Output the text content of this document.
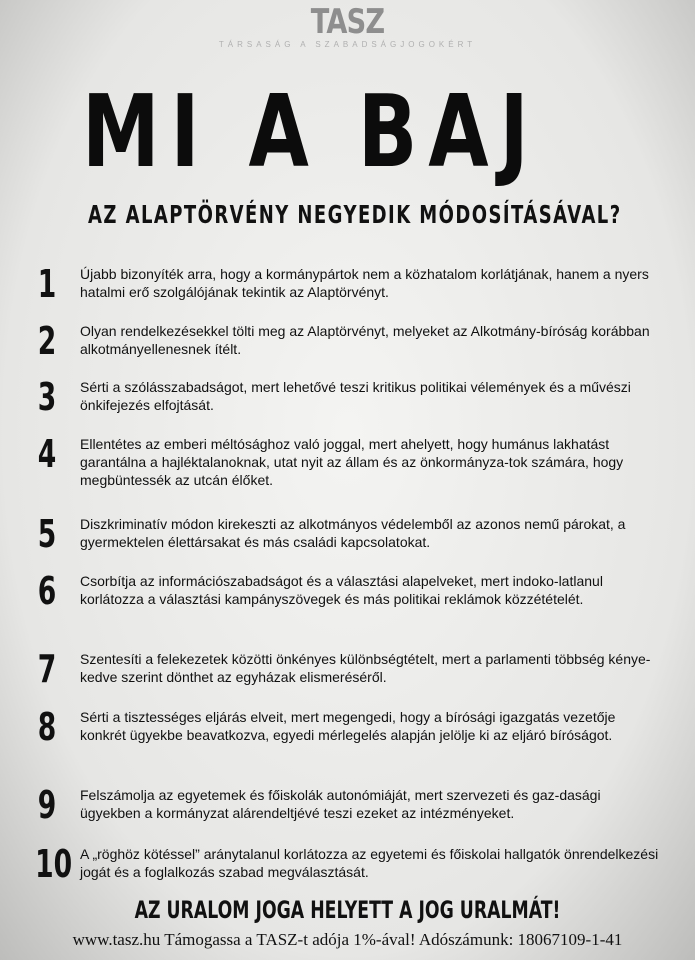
TASZ
TÁRSASÁG A SZABADSÁGJOGOKÉRT
MI A BAJ
AZ ALAPTÖRVÉNY NEGYEDIK MÓDOSÍTÁSÁVAL?
1 Újabb bizonyíték arra, hogy a kormánypártok nem a közhatalom korlátjának, hanem a nyers hatalmi erő szolgálójának tekintik az Alaptörvényt.
2 Olyan rendelkezésekkel tölti meg az Alaptörvényt, melyeket az Alkotmány-bíróság korábban alkotmányellenesnek ítélt.
3 Sérti a szólásszabadságot, mert lehetővé teszi kritikus politikai vélemények és a művészi önkifejezés elfojtását.
4 Ellentétes az emberi méltósághoz való joggal, mert ahelyett, hogy humánus lakhatást garantálna a hajléktalanoknak, utat nyit az állam és az önkormányza-tok számára, hogy megbüntessék az utcán élőket.
5 Diszkriminatív módon kirekeszti az alkotmányos védelemből az azonos nemű párokat, a gyermektelen élettársakat és más családi kapcsolatokat.
6 Csorbítja az információszabadságot és a választási alapelveket, mert indoko-latlanul korlátozza a választási kampányszövegek és más politikai reklámok közzétételét.
7 Szentesíti a felekezetek közötti önkényes különbségtételt, mert a parlamenti többség kénye-kedve szerint dönthet az egyházak elismeréséről.
8 Sérti a tisztességes eljárás elveit, mert megengedi, hogy a bírósági igazgatás vezetője konkrét ügyekbe beavatkozva, egyedi mérlegelés alapján jelölje ki az eljáró bíróságot.
9 Felszámolja az egyetemek és főiskolák autonómiáját, mert szervezeti és gaz-dasági ügyekben a kormányzat alárendeltjévé teszi ezeket az intézményeket.
10 A „röghöz kötéssel” aránytalanul korlátozza az egyetemi és főiskolai hallgatók önrendelkezési jogát és a foglalkozás szabad megválasztását.
AZ URALOM JOGA HELYETT A JOG URALMÁT!
www.tasz.hu Támogassa a TASZ-t adója 1%-ával! Adószámunk: 18067109-1-41
